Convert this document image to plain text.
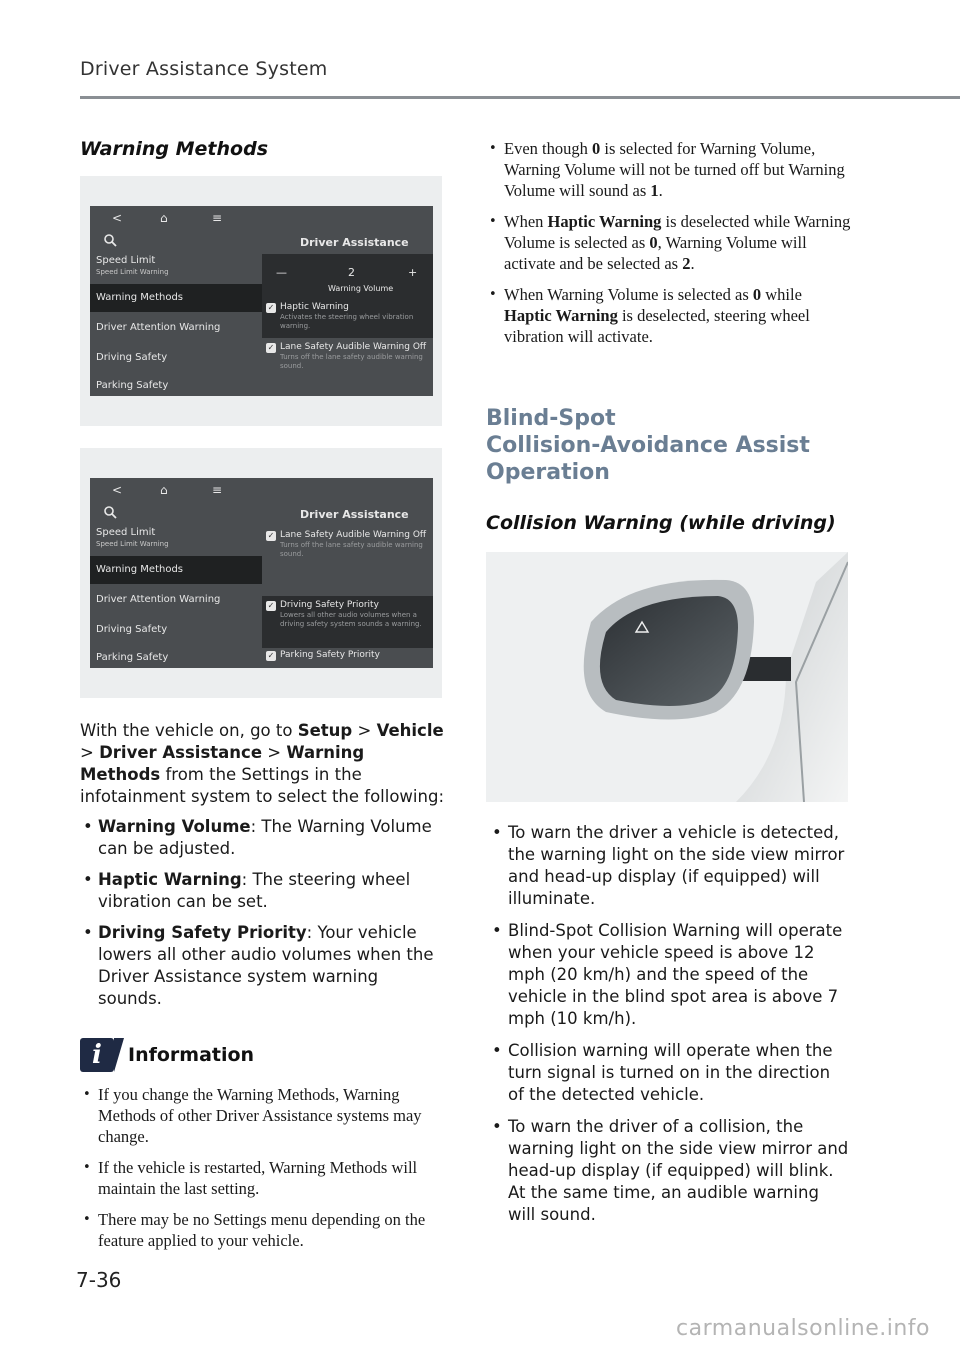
Driver Assistance System
Warning Methods
<	⌂	≡
Driver Assistance
Speed Limit
Speed Limit Warning
Warning Methods
Driver Attention Warning
Driving Safety
Parking Safety
—	2	+
Warning Volume
✓ Haptic Warning
Activates the steering wheel vibration warning.
✓ Lane Safety Audible Warning Off
Turns off the lane safety audible warning sound.
<	⌂	≡
Driver Assistance
Speed Limit
Speed Limit Warning
Warning Methods
Driver Attention Warning
Driving Safety
Parking Safety
✓ Lane Safety Audible Warning Off
Turns off the lane safety audible warning sound.
✓ Driving Safety Priority
Lowers all other audio volumes when a driving safety system sounds a warning.
✓ Parking Safety Priority

With the vehicle on, go to Setup > Vehicle > Driver Assistance > Warning Methods from the Settings in the infotainment system to select the following:

• Warning Volume: The Warning Volume can be adjusted.
• Haptic Warning: The steering wheel vibration can be set.
• Driving Safety Priority: Your vehicle lowers all other audio volumes when the Driver Assistance system warning sounds.
i	Information
• If you change the Warning Methods, Warning Methods of other Driver Assistance systems may change.
• If the vehicle is restarted, Warning Methods will maintain the last setting.
• There may be no Settings menu depending on the feature applied to your vehicle.
• Even though 0 is selected for Warning Volume, Warning Volume will not be turned off but Warning Volume will sound as 1.
• When Haptic Warning is deselected while Warning Volume is selected as 0, Warning Volume will activate and be selected as 2.
• When Warning Volume is selected as 0 while Haptic Warning is deselected, steering wheel vibration will activate.
Blind-Spot
Collision-Avoidance Assist
Operation
Collision Warning (while driving)
• To warn the driver a vehicle is detected, the warning light on the side view mirror and head-up display (if equipped) will illuminate.
• Blind-Spot Collision Warning will operate when your vehicle speed is above 12 mph (20 km/h) and the speed of the vehicle in the blind spot area is above 7 mph (10 km/h).
• Collision warning will operate when the turn signal is turned on in the direction of the detected vehicle.
• To warn the driver of a collision, the warning light on the side view mirror and head-up display (if equipped) will blink. At the same time, an audible warning will sound.
7-36
carmanualsonline.info
